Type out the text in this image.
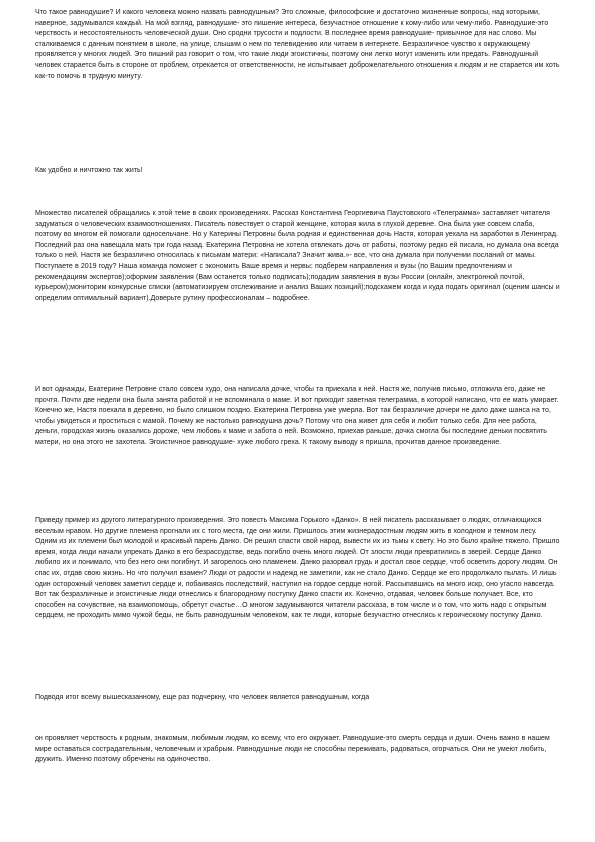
Что такое равнодушие? И какого человека можно назвать равнодушным? Это сложные, философские и достаточно жизненные вопросы, над которыми, наверное, задумывался каждый. На мой взгляд, равнодушие- это пишение интереса, безучастное отношение к кому-либо или чему-либо. Равнодушие-это черствость и несостоятельность человеческой души. Оно сродни трусости и подлости. В последнее время равнодушие- привычное для нас слово. Мы сталкиваемся с данным понятием в школе, на улице, слышим о нем по телевидению или читаем в интернете. Безразличное чувство к окружающему проявляется у многих людей. Это пишний раз говорит о том, что такие люди эгоистичны, поэтому они легко могут изменить или предать. Равнодушный человек старается быть в стороне от проблем, отрекается от ответственности, не испытывает доброжелательного отношения к людям и не старается им хоть как-то помочь в трудную минуту.

Как удобно и ничтожно так жить!

Множество писателей обращались к этой теме в своих произведениях. Рассказ Константина Георгиевича Паустовского «Телеграмма» заставляет читателя задуматься о человеческих взаимоотношениях. Писатель повествует о старой женщине, которая жила в глухой деревне. Она была уже совсем слаба, поэтому во многом ей помогали односельчане. Но у Катерины Петровны была родная и единственная дочь Настя, которая уехала на заработки в Ленинград. Последний раз она навещала мать три года назад. Екатерина Петровна не хотела отвлекать дочь от работы, поэтому редко ей писала, но думала она всегда только о ней. Настя же безразлично относилась к письмам матери: «Написала? Значит жива.»- все, что она думала при получении посланий от мамы. Поступаете в 2019 году? Наша команда поможет с экономить Ваше время и нервы: подберем направления и вузы (по Вашим предпочтениям и рекомендациям экспертов);оформим заявления (Вам останется только подписать);подадим заявления в вузы России (онлайн, электронной почтой, курьером);мониторим конкурсные списки (автоматизируем отслеживание и анализ Ваших позиций);подскажем когда и куда подать оригинал (оценим шансы и определим оптимальный вариант).Доверьте рутину профессионалам – подробнее.

И вот однажды, Екатерине Петровне стало совсем худо, она написала дочке, чтобы та приехала к ней. Настя же, получив письмо, отложила его, даже не прочтя. Почти две недели она была занята работой и не вспоминала о маме. И вот приходит заветная телеграмма, в которой написано, что ее мать умирает. Конечно же, Настя поехала в деревню, но было слишком поздно. Екатерина Петровна уже умерла. Вот так безразличие дочери не дало даже шанса на то, чтобы увидеться и проститься с мамой. Почему же настолько равнодушна дочь? Потому что она живет для себя и любит только себя. Для нее работа, деньги, городская жизнь оказались дороже, чем любовь к маме и забота о ней. Возможно, приехав раньше, дочка смогла бы последние деньки посвятить матери, но она этого не захотела. Эгоистичное равнодушие- хуже любого греха. К такому выводу я пришла, прочитав данное произведение.

Приведу пример из другого литературного произведения. Это повесть Максима Горького «Данко». В ней писатель рассказывает о людях, отличающихся веселым нравом. Но другие племена прогнали их с того места, где они жили. Пришлось этим жизнерадостным людям жить в холодном и темном лесу. Одним из их племени был молодой и красивый парень Данко. Он решил спасти свой народ, вывести их из тьмы к свету. Но это было крайне тяжело. Пришло время, когда люди начали упрекать Данко в его безрассудстве, ведь погибло очень много людей. От злости люди превратились в зверей. Сердце Данко любило их и понимало, что без него они погибнут. И загорелось оно пламенем. Данко разорвал грудь и достал свое сердце, чтоб осветить дорогу людям. Он спас их, отдав свою жизнь. Но что получил взамен? Люди от радости и надежд не заметили, как не стало Данко. Сердце же его продолжало пылать. И лишь один осторожный человек заметил сердце и, побаиваясь последствий, наступил на гордое сердце ногой. Рассыпавшись на много искр, оно угасло навсегда. Вот так безразличные и эгоистичные люди отнеслись к благородному поступку Данко спасти их. Конечно, отдавая, человек больше получает. Все, кто способен на сочувствие, на взаимопомощь, обретут счастье…О многом задумываются читатели рассказа, в том числе и о том, что жить надо с открытым сердцем, не проходить мимо чужой беды, не быть равнодушным человеком, как те люди, которые безучастно отнеслись к героическому поступку Данко.

Подводя итог всему вышесказанному, еще раз подчеркну, что человек является равнодушным, когда

он проявляет черствость к родным, знакомым, любимым людям, ко всему, что его окружает. Равнодушие-это смерть сердца и души. Очень важно в нашем мире оставаться сострадательным, человечным и храбрым. Равнодушные люди не способны переживать, радоваться, огорчаться. Они не умеют любить, дружить. Именно поэтому обречены на одиночество.
